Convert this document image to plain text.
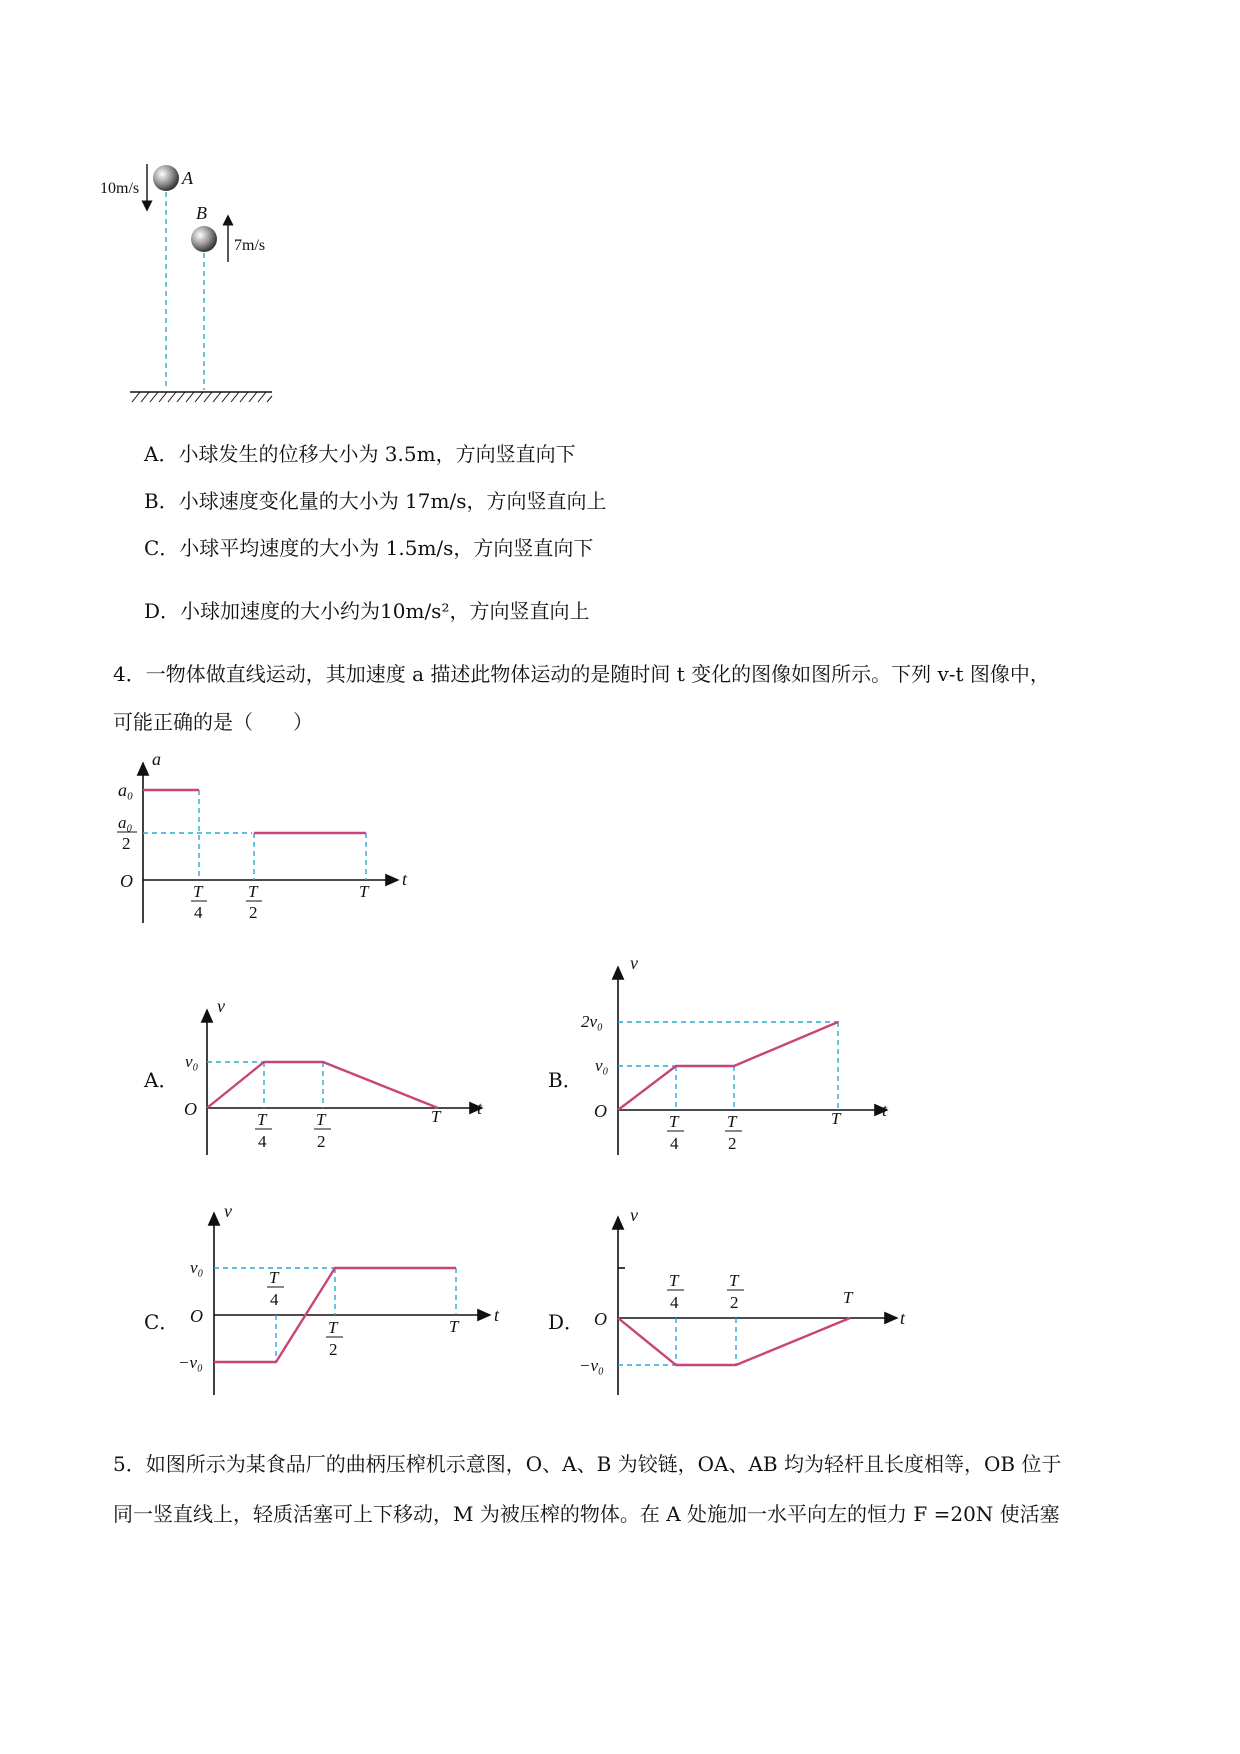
A
B
10m/s
7m/s
A．小球发生的位移大小为 3.5m，方向竖直向下
B．小球速度变化量的大小为 17m/s，方向竖直向上
C．小球平均速度的大小为 1.5m/s，方向竖直向下
D．小球加速度的大小约为10m/s²，方向竖直向上
4．一物体做直线运动，其加速度 a 描述此物体运动的是随时间 t 变化的图像如图所示。下列 v-t 图像中，
可能正确的是（　　）
a
t
O
a₀
a₀
2
T
4
T
2
T
A．	B．
C．	D．
v
t
O
v₀
T
4
T
2
T
v
t
O
2v₀
v₀
T
4
T
2
T
v
t
O
v₀
−v₀
T
4
T
2
T
v
t
O
−v₀
T
4
T
2	T
5．如图所示为某食品厂的曲柄压榨机示意图，O、A、B 为铰链，OA、AB 均为轻杆且长度相等，OB 位于
同一竖直线上，轻质活塞可上下移动，M 为被压榨的物体。在 A 处施加一水平向左的恒力 F =20N 使活塞
